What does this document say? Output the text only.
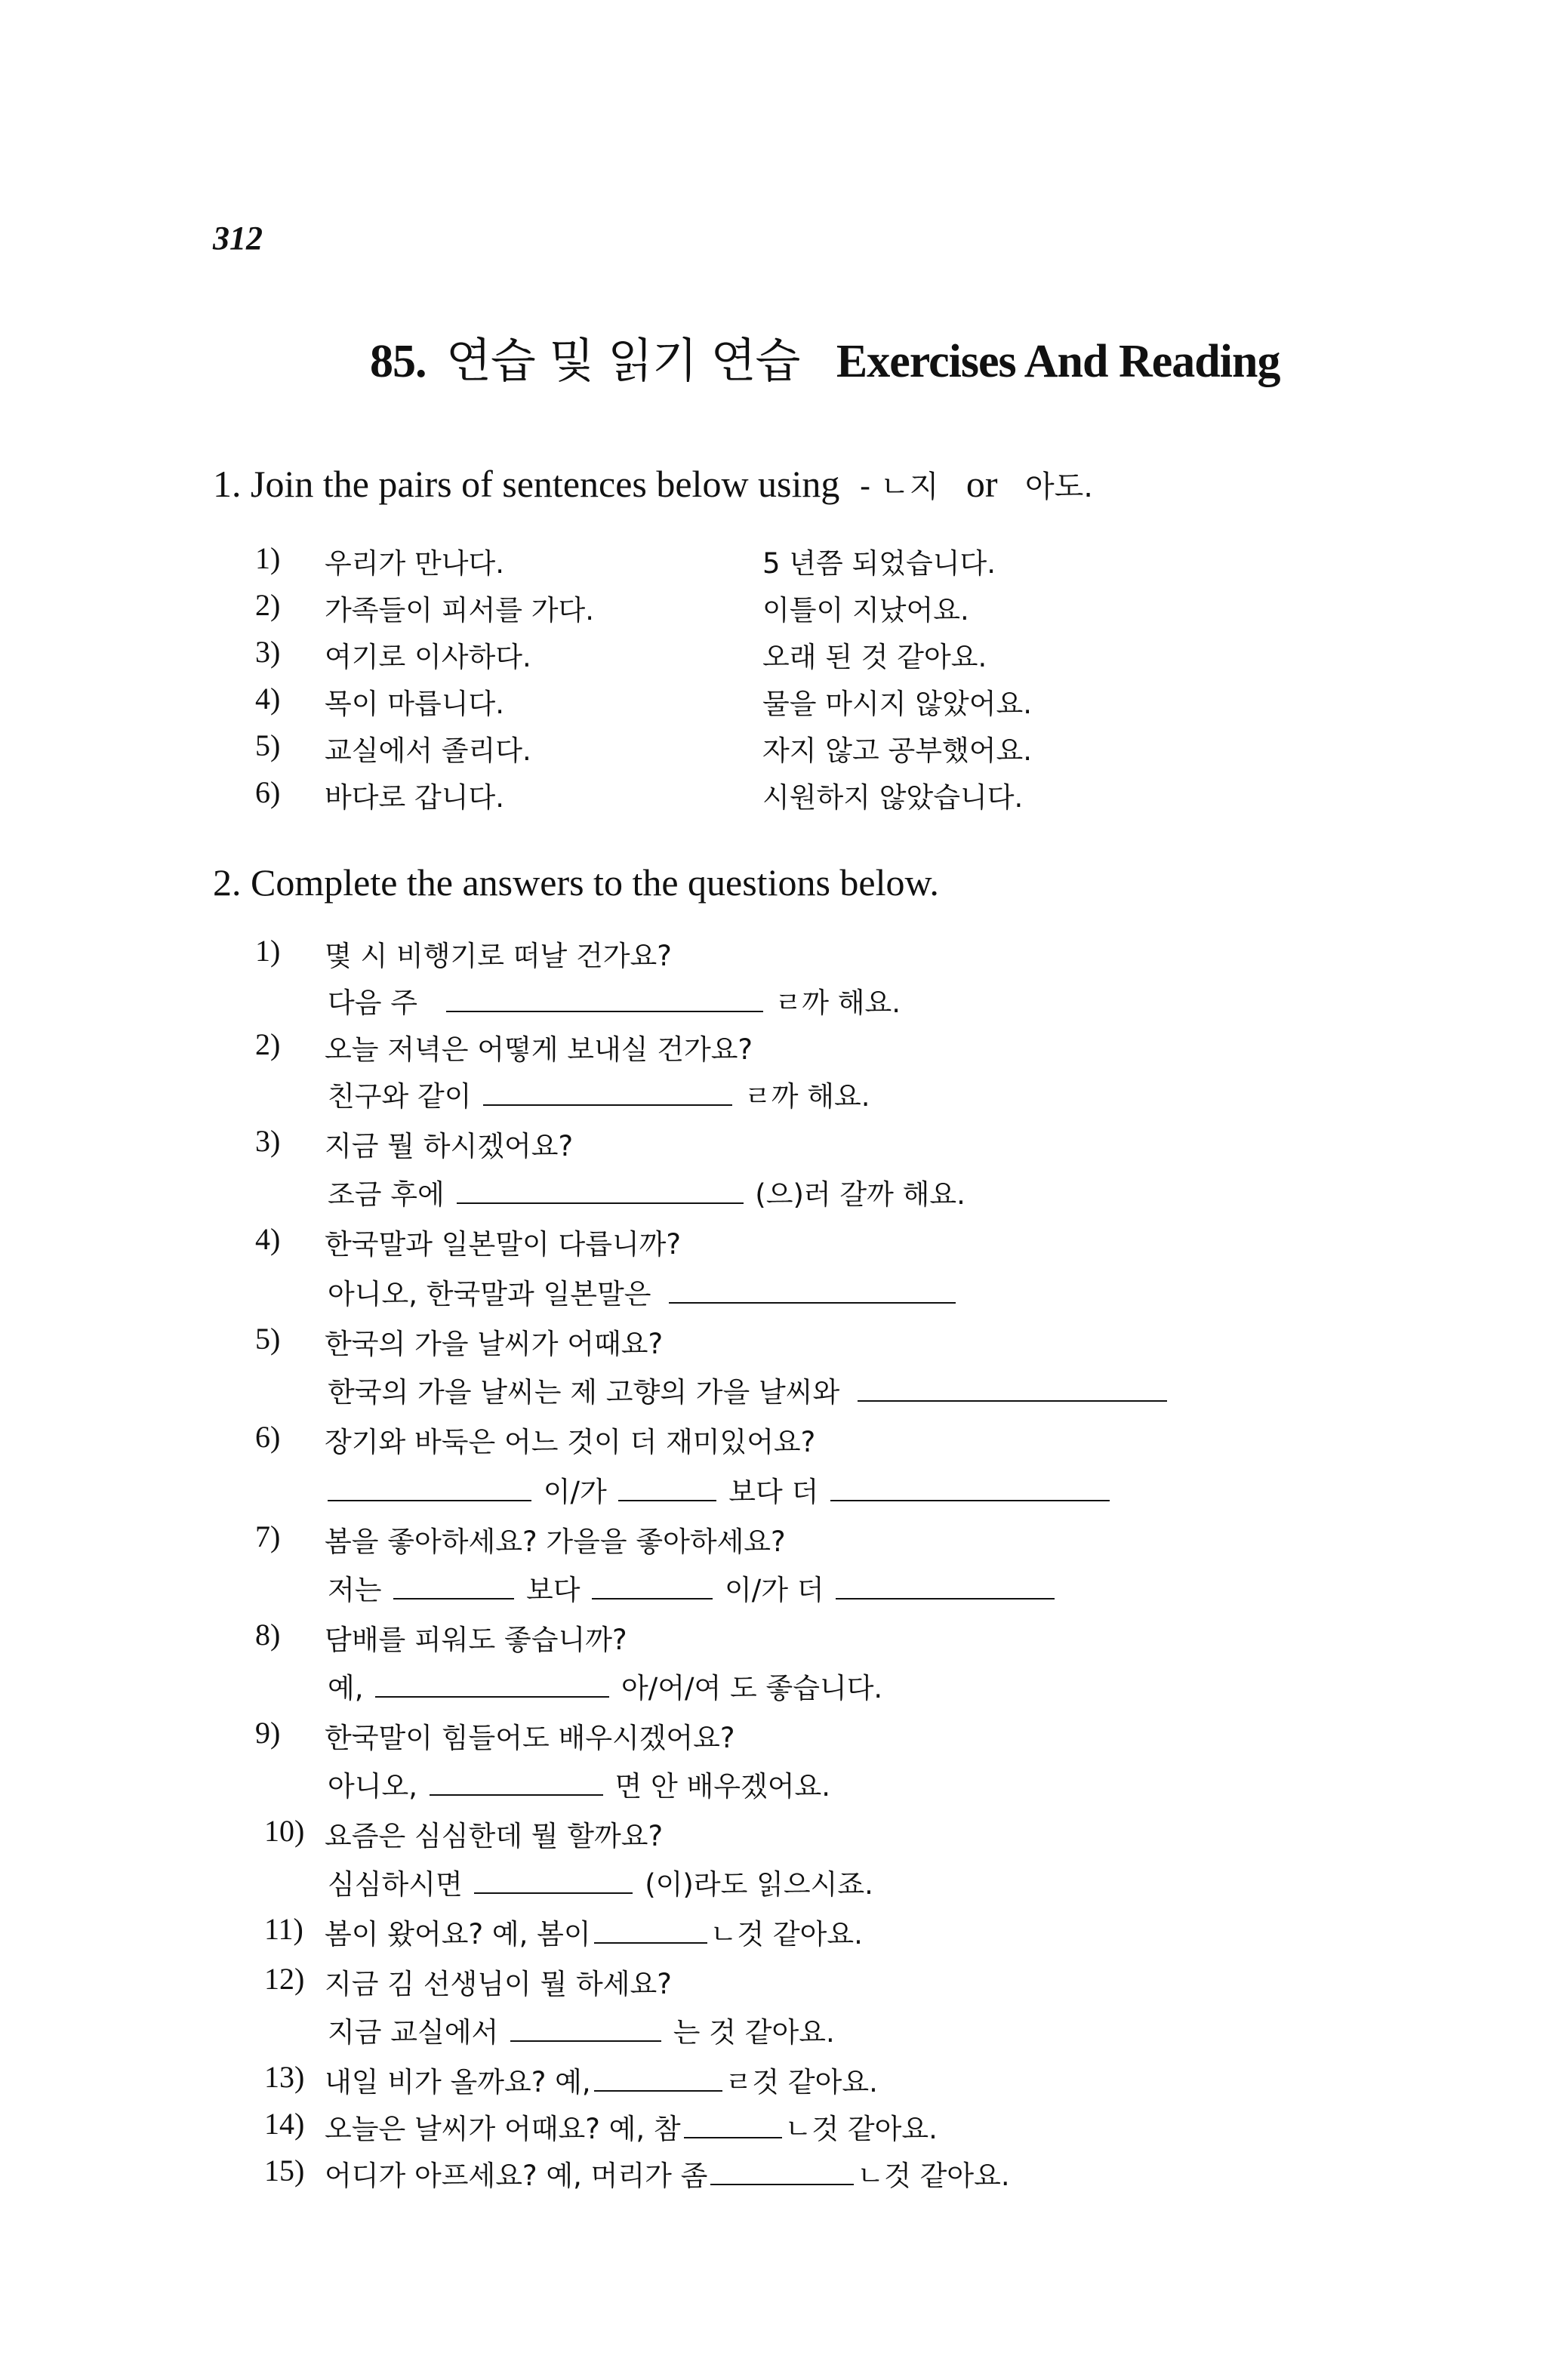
312
85. 연습 및 읽기 연습 Exercises And Reading
1. Join the pairs of sentences below using - ㄴ지 or 아도.
1) 우리가 만나다.	5 년쯤 되었습니다.
2) 가족들이 피서를 가다.	이틀이 지났어요.
3) 여기로 이사하다.	오래 된 것 같아요.
4) 목이 마릅니다.	물을 마시지 않았어요.
5) 교실에서 졸리다.	자지 않고 공부했어요.
6) 바다로 갑니다.	시원하지 않았습니다.
2. Complete the answers to the questions below.
1) 몇 시 비행기로 떠날 건가요?
다음 주	ㄹ까 해요.
2) 오늘 저녁은 어떻게 보내실 건가요?
친구와 같이	ㄹ까 해요.
3) 지금 뭘 하시겠어요?
조금 후에	(으)러 갈까 해요.
4) 한국말과 일본말이 다릅니까?
아니오, 한국말과 일본말은
5) 한국의 가을 날씨가 어때요?
한국의 가을 날씨는 제 고향의 가을 날씨와
6) 장기와 바둑은 어느 것이 더 재미있어요?
이/가	보다 더
7) 봄을 좋아하세요? 가을을 좋아하세요?
저는	보다	이/가 더
8) 담배를 피워도 좋습니까?
예,	아/어/여 도 좋습니다.
9) 한국말이 힘들어도 배우시겠어요?
아니오,	면 안 배우겠어요.
10) 요즘은 심심한데 뭘 할까요?
심심하시면	(이)라도 읽으시죠.
11) 봄이 왔어요? 예, 봄이	ㄴ것 같아요.
12) 지금 김 선생님이 뭘 하세요?
지금 교실에서	는 것 같아요.
13) 내일 비가 올까요? 예,	ㄹ것 같아요.
14) 오늘은 날씨가 어때요? 예, 참	ㄴ것 같아요.
15) 어디가 아프세요? 예, 머리가 좀	ㄴ것 같아요.
